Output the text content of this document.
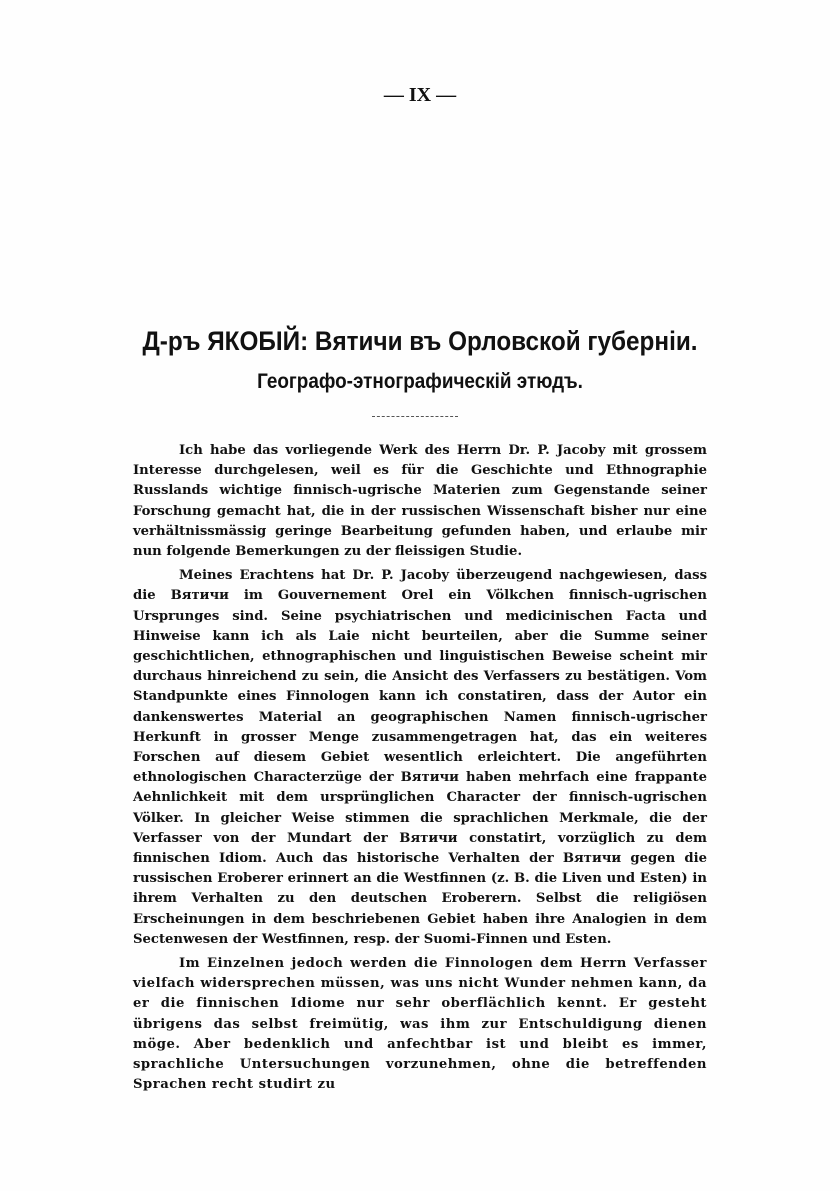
— IX —
Д-ръ ЯКОБІЙ: Вятичи въ Орловской губерніи.
Географо-этнографическій этюдъ.

Ich habe das vorliegende Werk des Herrn Dr. P. Jacoby mit grossem Interesse durchgelesen, weil es für die Geschichte und Ethnographie Russlands wichtige finnisch-ugrische Materien zum Gegenstande seiner Forschung gemacht hat, die in der russischen Wissenschaft bisher nur eine verhältnissmässig geringe Bearbeitung gefunden haben, und erlaube mir nun folgende Bemerkungen zu der fleissigen Studie.

Meines Erachtens hat Dr. P. Jacoby überzeugend nachgewiesen, dass die Вятичи im Gouvernement Orel ein Völkchen finnisch-ugrischen Ursprunges sind. Seine psychiatrischen und medicinischen Facta und Hinweise kann ich als Laie nicht beurteilen, aber die Summe seiner geschichtlichen, ethnographischen und linguistischen Beweise scheint mir durchaus hinreichend zu sein, die Ansicht des Verfassers zu bestätigen. Vom Standpunkte eines Finnologen kann ich constatiren, dass der Autor ein dankenswertes Material an geographischen Namen finnisch-ugrischer Herkunft in grosser Menge zusammengetragen hat, das ein weiteres Forschen auf diesem Gebiet wesentlich erleichtert. Die angeführten ethnologischen Characterzüge der Вятичи haben mehrfach eine frappante Aehnlichkeit mit dem ursprünglichen Character der finnisch-ugrischen Völker. In gleicher Weise stimmen die sprachlichen Merkmale, die der Verfasser von der Mundart der Вятичи constatirt, vorzüglich zu dem finnischen Idiom. Auch das historische Verhalten der Вятичи gegen die russischen Eroberer erinnert an die Westfinnen (z. B. die Liven und Esten) in ihrem Verhalten zu den deutschen Eroberern. Selbst die religiösen Erscheinungen in dem beschriebenen Gebiet haben ihre Analogien in dem Sectenwesen der Westfinnen, resp. der Suomi-Finnen und Esten.

Im Einzelnen jedoch werden die Finnologen dem Herrn Verfasser vielfach widersprechen müssen, was uns nicht Wunder nehmen kann, da er die finnischen Idiome nur sehr oberflächlich kennt. Er gesteht übrigens das selbst freimütig, was ihm zur Entschuldigung dienen möge. Aber bedenklich und anfechtbar ist und bleibt es immer, sprachliche Untersuchungen vorzunehmen, ohne die betreffenden Sprachen recht studirt zu
